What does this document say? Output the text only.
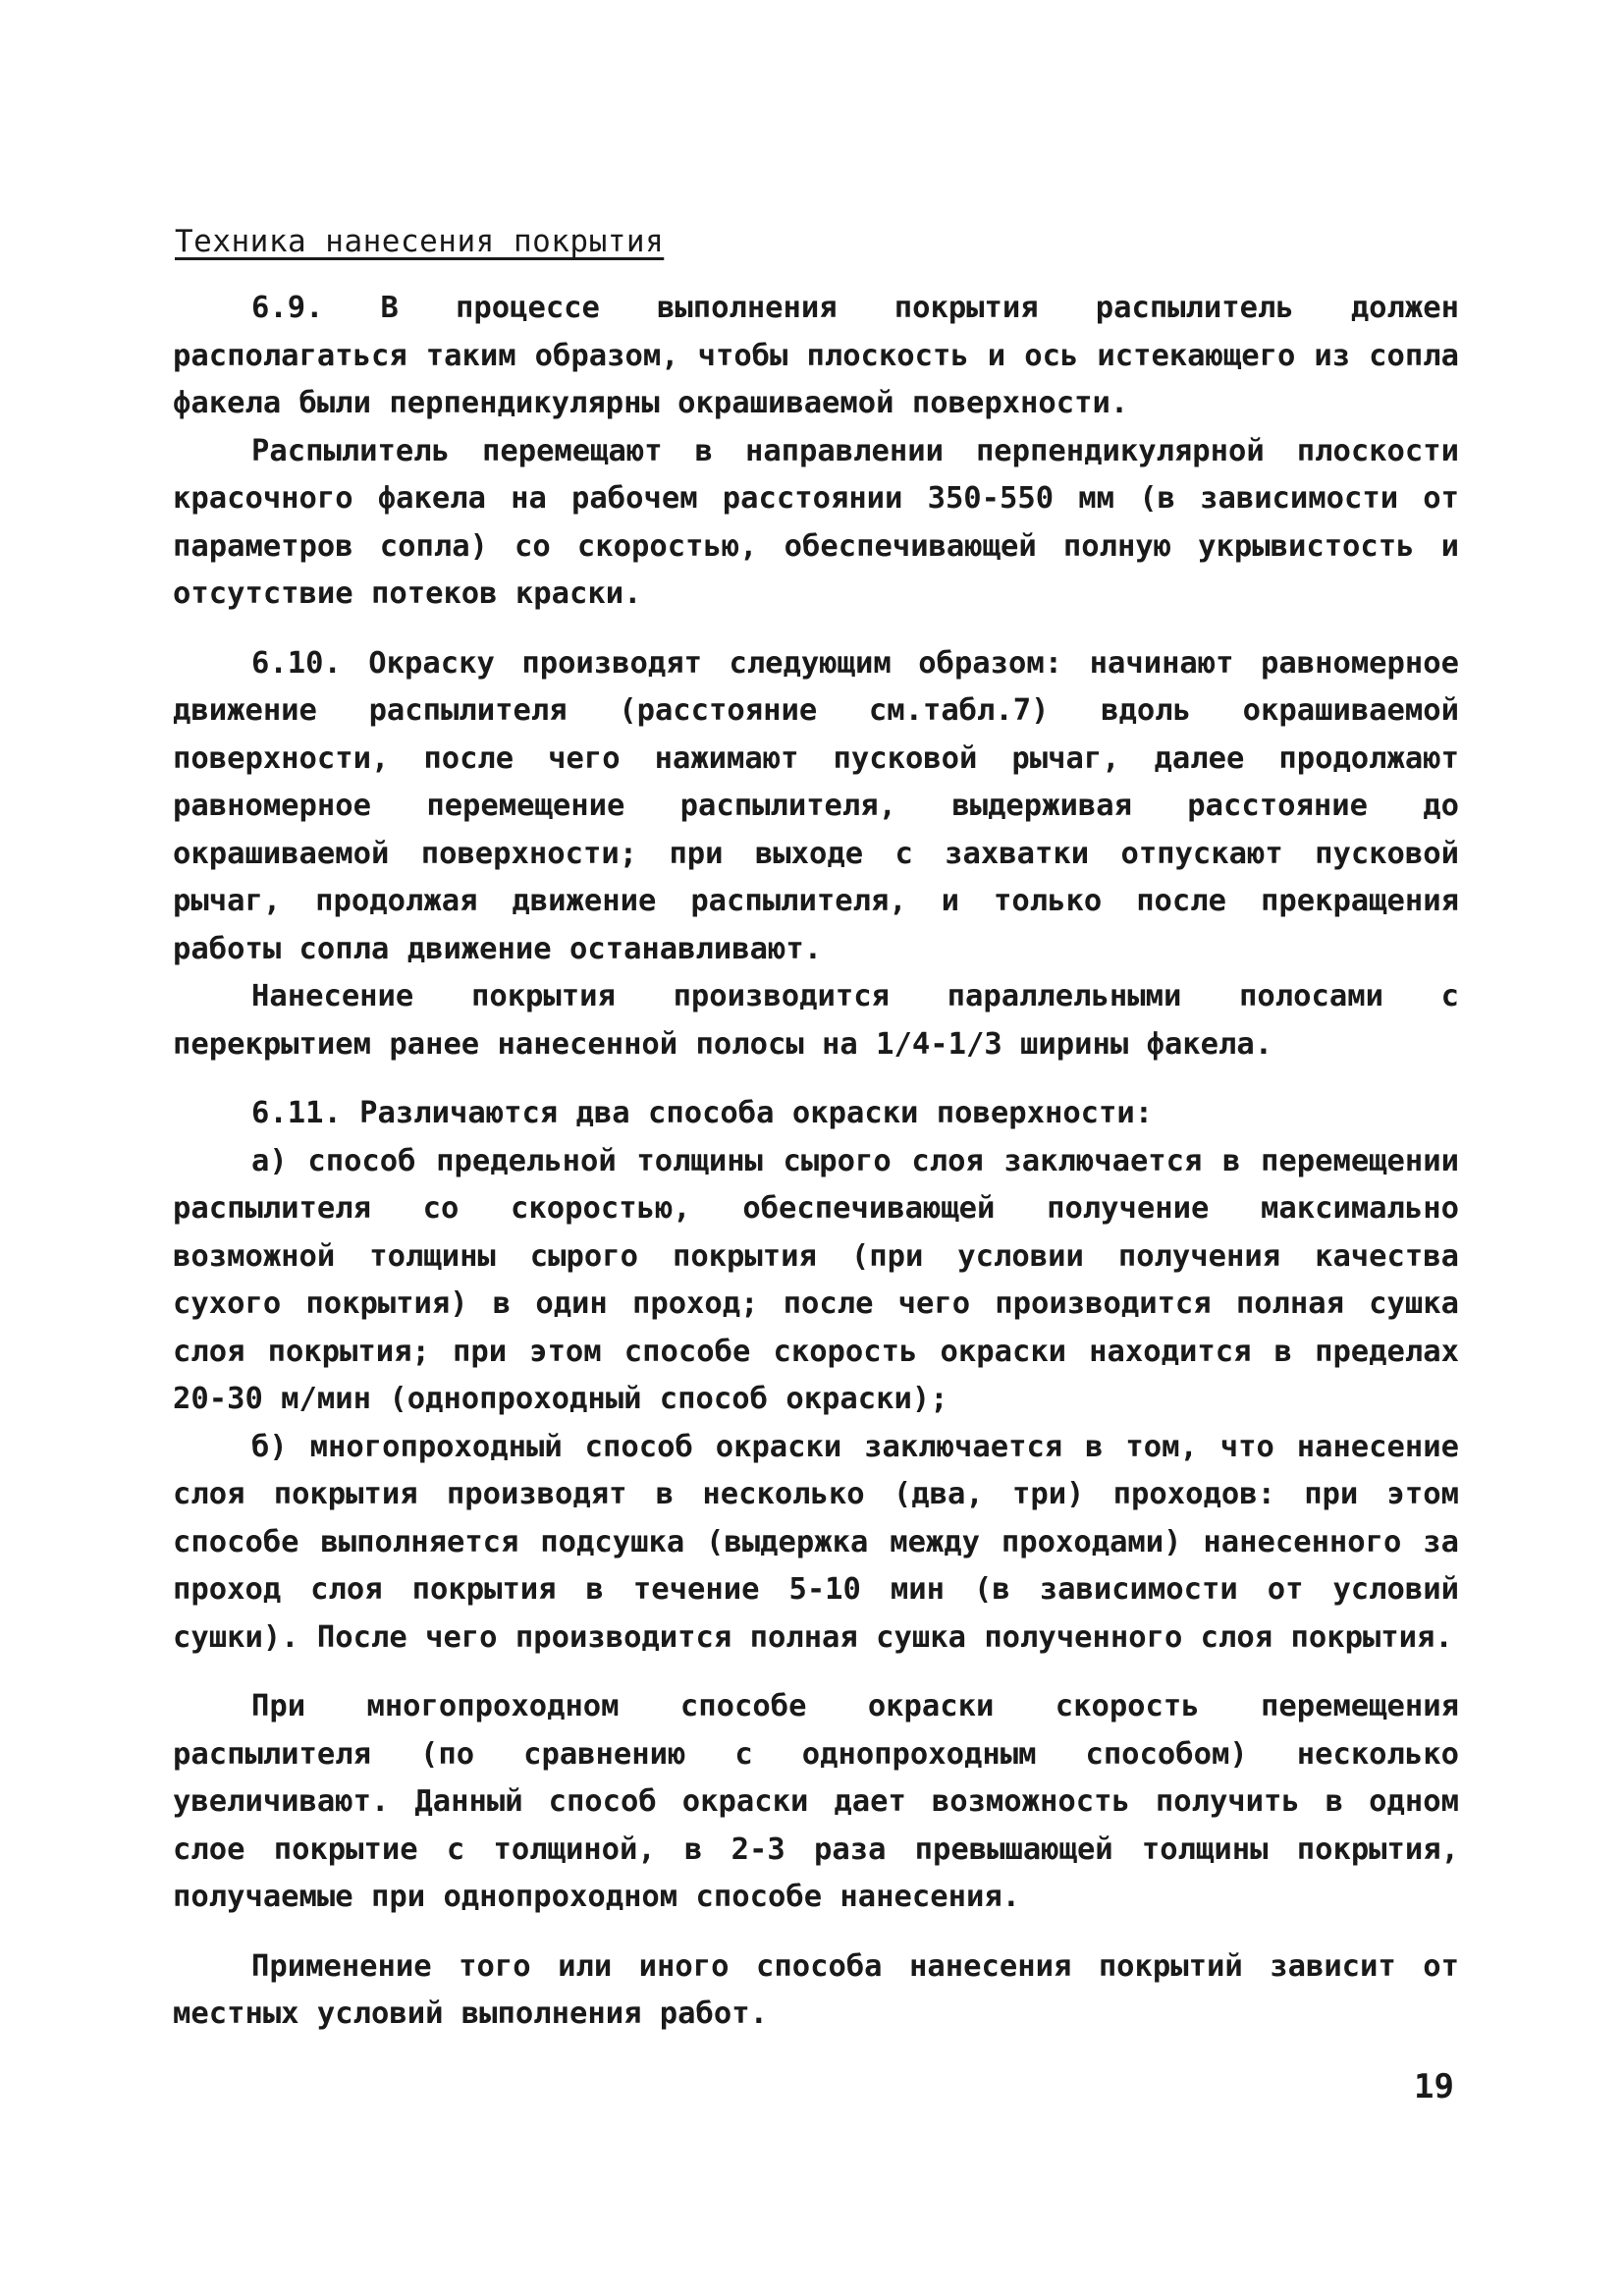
Техника нанесения покрытия

6.9. В процессе выполнения покрытия распылитель должен располагаться таким образом, чтобы плоскость и ось истекающего из сопла факела были перпендикулярны окрашиваемой поверхности.

Распылитель перемещают в направлении перпендикулярной плоскости красочного факела на рабочем расстоянии 350-550 мм (в зависимости от параметров сопла) со скоростью, обеспечивающей полную укрывистость и отсутствие потеков краски.

6.10. Окраску производят следующим образом: начинают равномерное движение распылителя (расстояние см.табл.7) вдоль окрашиваемой поверхности, после чего нажимают пусковой рычаг, далее продолжают равномерное перемещение распылителя, выдерживая расстояние до окрашиваемой поверхности; при выходе с захватки отпускают пусковой рычаг, продолжая движение распылителя, и только после прекращения работы сопла движение останавливают.

Нанесение покрытия производится параллельными полосами с перекрытием ранее нанесенной полосы на 1/4-1/3 ширины факела.

6.11. Различаются два способа окраски поверхности:

а) способ предельной толщины сырого слоя заключается в перемещении распылителя со скоростью, обеспечивающей получение максимально возможной толщины сырого покрытия (при условии получения качества сухого покрытия) в один проход; после чего производится полная сушка слоя покрытия; при этом способе скорость окраски находится в пределах 20-30 м/мин (однопроходный способ окраски);

б) многопроходный способ окраски заключается в том, что нанесение слоя покрытия производят в несколько (два, три) проходов: при этом способе выполняется подсушка (выдержка между проходами) нанесенного за проход слоя покрытия в течение 5-10 мин (в зависимости от условий сушки). После чего производится полная сушка полученного слоя покрытия.

При многопроходном способе окраски скорость перемещения распылителя (по сравнению с однопроходным способом) несколько увеличивают. Данный способ окраски дает возможность получить в одном слое покрытие с толщиной, в 2-3 раза превышающей толщины покрытия, получаемые при однопроходном способе нанесения.

Применение того или иного способа нанесения покрытий зависит от местных условий выполнения работ.

19
